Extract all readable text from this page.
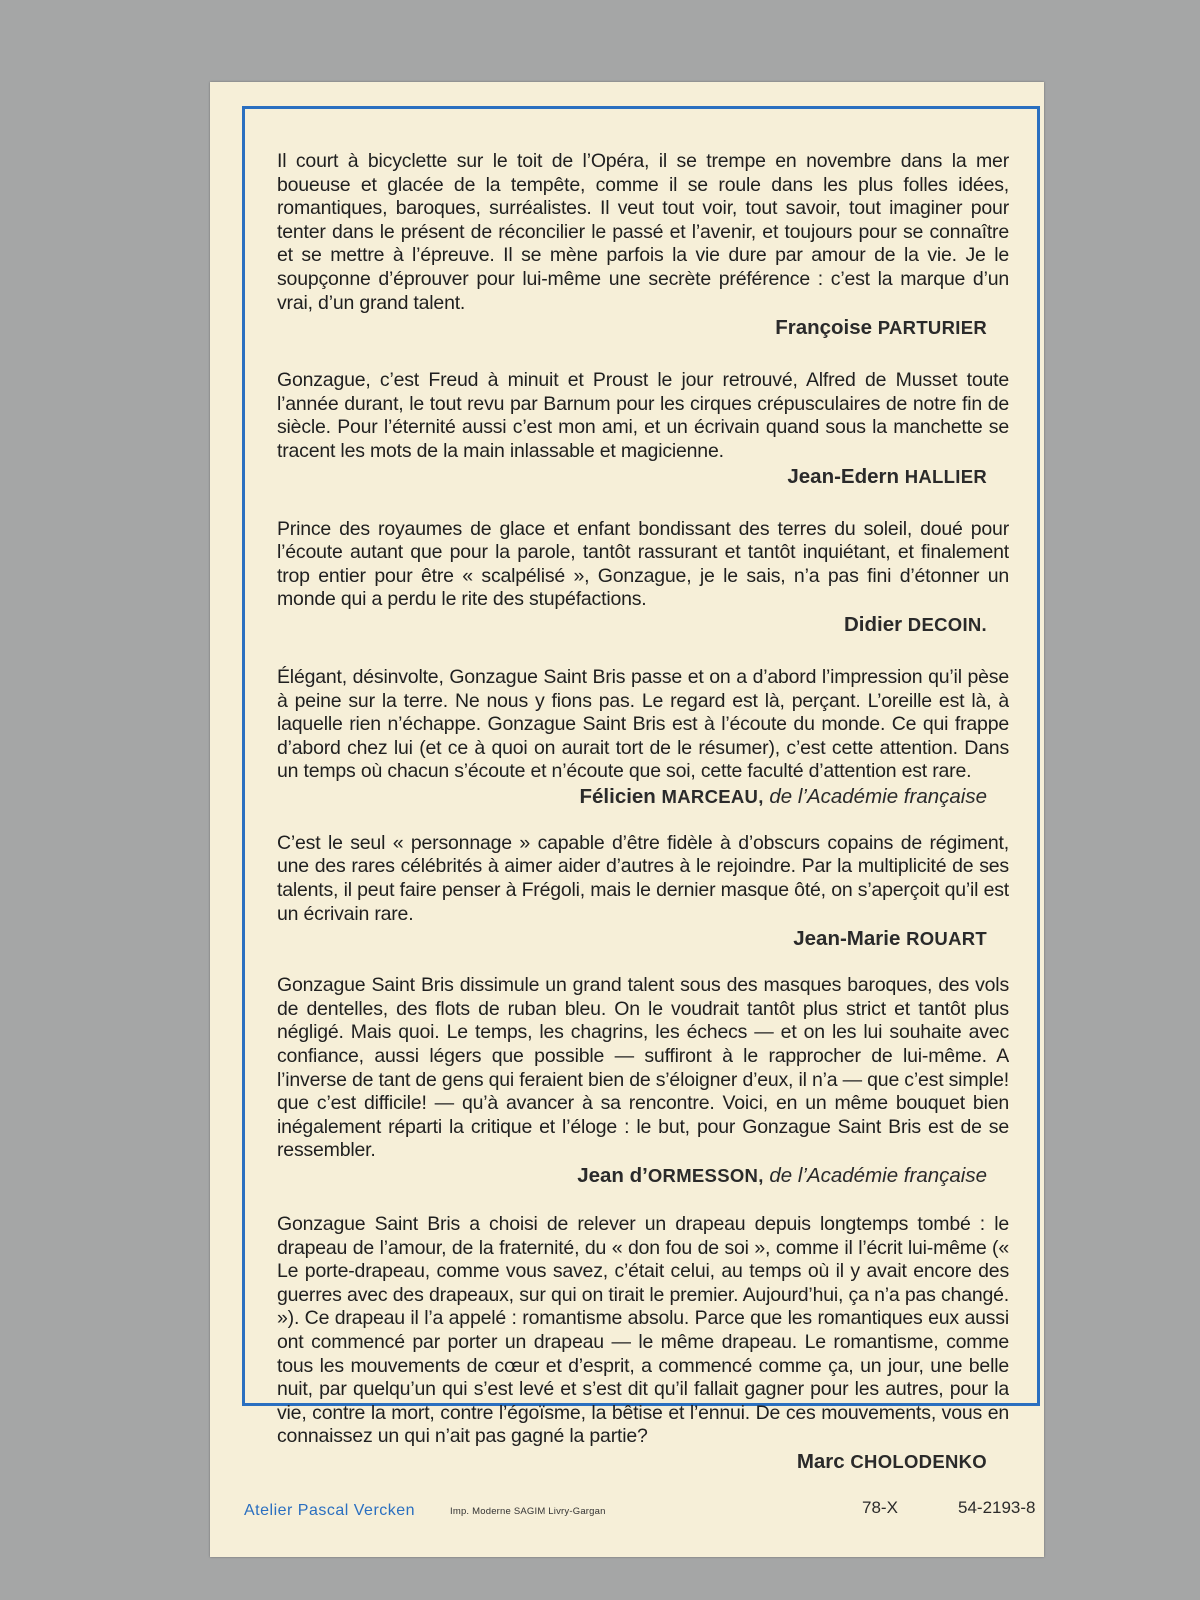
Il court à bicyclette sur le toit de l’Opéra, il se trempe en novembre dans la mer boueuse et glacée de la tempête, comme il se roule dans les plus folles idées, romantiques, baroques, surréalistes. Il veut tout voir, tout savoir, tout imaginer pour tenter dans le présent de réconcilier le passé et l’avenir, et toujours pour se connaître et se mettre à l’épreuve. Il se mène parfois la vie dure par amour de la vie. Je le soupçonne d’éprouver pour lui-même une secrète préférence : c’est la marque d’un vrai, d’un grand talent.

Françoise PARTURIER

Gonzague, c’est Freud à minuit et Proust le jour retrouvé, Alfred de Musset toute l’année durant, le tout revu par Barnum pour les cirques crépusculaires de notre fin de siècle. Pour l’éternité aussi c’est mon ami, et un écrivain quand sous la manchette se tracent les mots de la main inlassable et magicienne.

Jean-Edern HALLIER

Prince des royaumes de glace et enfant bondissant des terres du soleil, doué pour l’écoute autant que pour la parole, tantôt rassurant et tantôt inquiétant, et finalement trop entier pour être « scalpélisé », Gonzague, je le sais, n’a pas fini d’étonner un monde qui a perdu le rite des stupéfactions.

Didier DECOIN.

Élégant, désinvolte, Gonzague Saint Bris passe et on a d’abord l’impression qu’il pèse à peine sur la terre. Ne nous y fions pas. Le regard est là, perçant. L’oreille est là, à laquelle rien n’échappe. Gonzague Saint Bris est à l’écoute du monde. Ce qui frappe d’abord chez lui (et ce à quoi on aurait tort de le résumer), c’est cette attention. Dans un temps où chacun s’écoute et n’écoute que soi, cette faculté d’attention est rare.

Félicien MARCEAU, de l’Académie française

C’est le seul « personnage » capable d’être fidèle à d’obscurs copains de régiment, une des rares célébrités à aimer aider d’autres à le rejoindre. Par la multiplicité de ses talents, il peut faire penser à Frégoli, mais le dernier masque ôté, on s’aperçoit qu’il est un écrivain rare.

Jean-Marie ROUART

Gonzague Saint Bris dissimule un grand talent sous des masques baroques, des vols de dentelles, des flots de ruban bleu. On le voudrait tantôt plus strict et tantôt plus négligé. Mais quoi. Le temps, les chagrins, les échecs — et on les lui souhaite avec confiance, aussi légers que possible — suffiront à le rapprocher de lui-même. A l’inverse de tant de gens qui feraient bien de s’éloigner d’eux, il n’a — que c’est simple! que c’est difficile! — qu’à avancer à sa rencontre. Voici, en un même bouquet bien inégalement réparti la critique et l’éloge : le but, pour Gonzague Saint Bris est de se ressembler.

Jean d’ORMESSON, de l’Académie française

Gonzague Saint Bris a choisi de relever un drapeau depuis longtemps tombé : le drapeau de l’amour, de la fraternité, du « don fou de soi », comme il l’écrit lui-même (« Le porte-drapeau, comme vous savez, c’était celui, au temps où il y avait encore des guerres avec des drapeaux, sur qui on tirait le premier. Aujourd’hui, ça n’a pas changé. »). Ce drapeau il l’a appelé : romantisme absolu. Parce que les romantiques eux aussi ont commencé par porter un drapeau — le même drapeau. Le romantisme, comme tous les mouvements de cœur et d’esprit, a commencé comme ça, un jour, une belle nuit, par quelqu’un qui s’est levé et s’est dit qu’il fallait gagner pour les autres, pour la vie, contre la mort, contre l’égoïsme, la bêtise et l’ennui. De ces mouvements, vous en connaissez un qui n’ait pas gagné la partie?

Marc CHOLODENKO

Atelier Pascal Vercken	Imp. Moderne SAGIM Livry-Gargan	78-X	54-2193-8
